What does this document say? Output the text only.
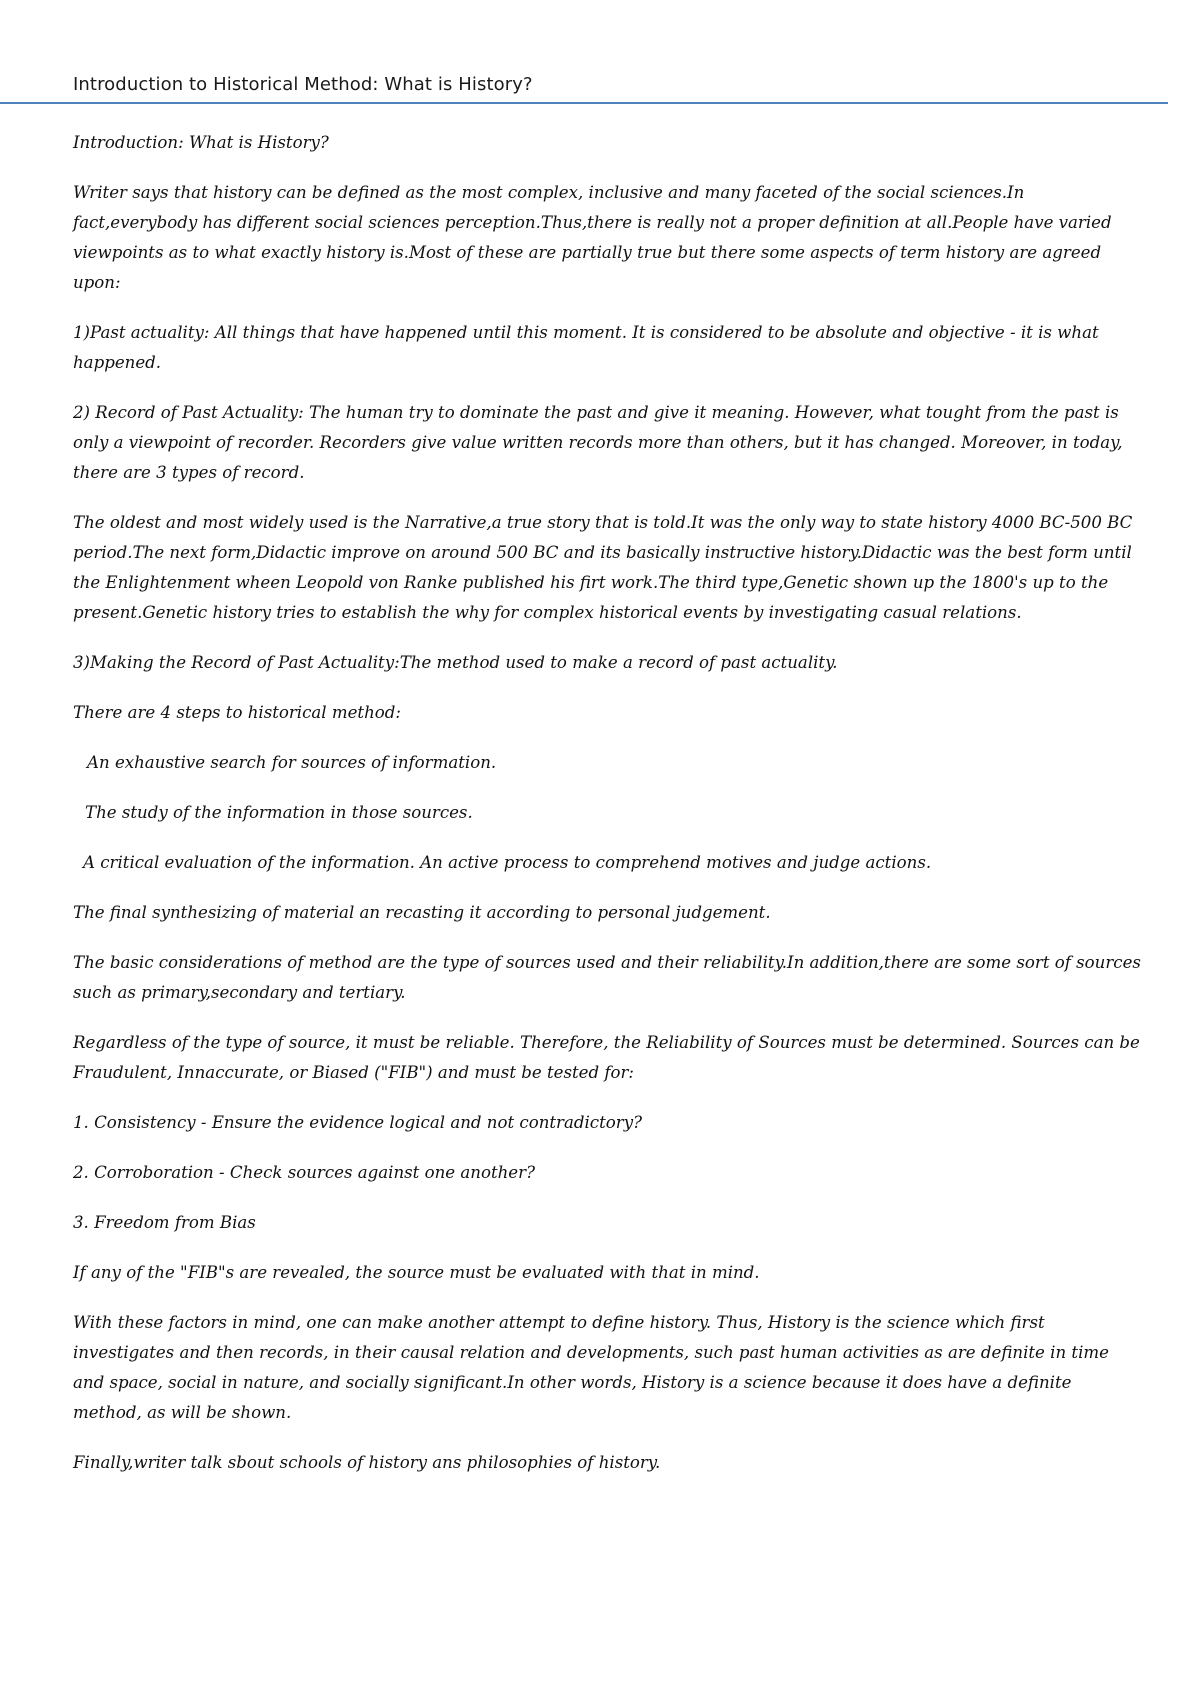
Introduction to Historical Method: What is History?

Introduction: What is History?

Writer says that history can be defined as the most complex, inclusive and many faceted of the social sciences.In fact,everybody has different social sciences perception.Thus,there is really not a proper definition at all.People have varied viewpoints as to what exactly history is.Most of these are partially true but there some aspects of term history are agreed upon:

1)Past actuality: All things that have happened until this moment. It is considered to be absolute and objective - it is what happened.

2) Record of Past Actuality: The human try to dominate the past and give it meaning. However, what tought from the past is only a viewpoint of recorder. Recorders give value written records more than others, but it has changed. Moreover, in today, there are 3 types of record.

The oldest and most widely used is the Narrative,a true story that is told.It was the only way to state history 4000 BC-500 BC period.The next form,Didactic improve on around 500 BC and its basically instructive history.Didactic was the best form until the Enlightenment wheen Leopold von Ranke published his firt work.The third type,Genetic shown up the 1800's up to the present.Genetic history tries to establish the why for complex historical events by investigating casual relations.

3)Making the Record of Past Actuality:The method used to make a record of past actuality.

There are 4 steps to historical method:

An exhaustive search for sources of information.

The study of the information in those sources.

A critical evaluation of the information. An active process to comprehend motives and judge actions.

The final synthesizing of material an recasting it according to personal judgement.

The basic considerations of method are the type of sources used and their reliability.In addition,there are some sort of sources such as primary,secondary and tertiary.

Regardless of the type of source, it must be reliable. Therefore, the Reliability of Sources must be determined. Sources can be Fraudulent, Innaccurate, or Biased ("FIB") and must be tested for:

1. Consistency - Ensure the evidence logical and not contradictory?

2. Corroboration - Check sources against one another?

3. Freedom from Bias

If any of the "FIB"s are revealed, the source must be evaluated with that in mind.

With these factors in mind, one can make another attempt to define history. Thus, History is the science which first investigates and then records, in their causal relation and developments, such past human activities as are definite in time and space, social in nature, and socially significant.In other words, History is a science because it does have a definite method, as will be shown.

Finally,writer talk sbout schools of history ans philosophies of history.
